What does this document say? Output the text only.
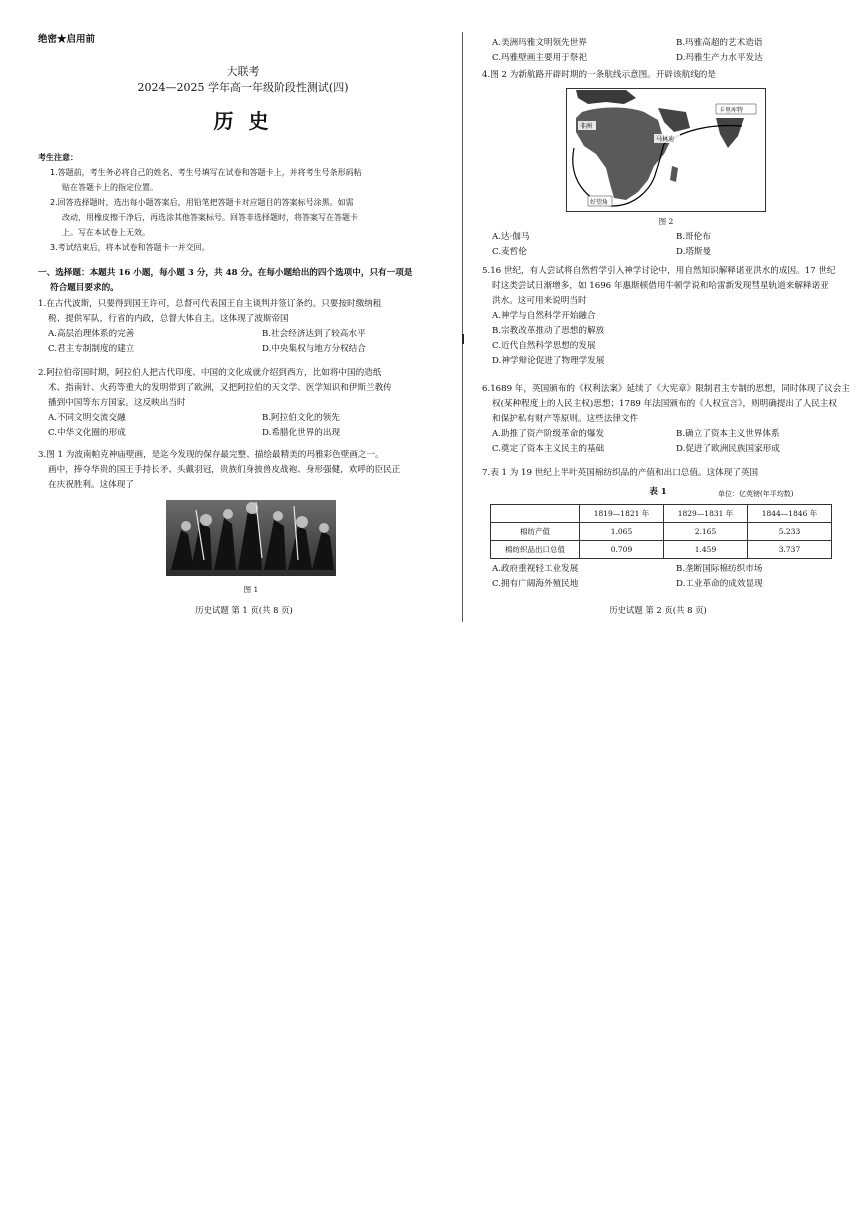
绝密★启用前
大联考
2024—2025 学年高一年级阶段性测试(四)
历 史
考生注意：
1.答题前，考生务必将自己的姓名、考生号填写在试卷和答题卡上，并将考生号条形码粘
贴在答题卡上的指定位置。
2.回答选择题时，选出每小题答案后，用铅笔把答题卡对应题目的答案标号涂黑。如需
改动，用橡皮擦干净后，再选涂其他答案标号。回答非选择题时，将答案写在答题卡
上。写在本试卷上无效。
3.考试结束后，将本试卷和答题卡一并交回。
一、选择题：本题共 16 小题，每小题 3 分，共 48 分。在每小题给出的四个选项中，只有一项是
符合题目要求的。
1.在古代波斯，只要得到国王许可，总督可代表国王自主谈判并签订条约。只要按时缴纳租
税、提供军队，行省的内政，总督大体自主。这体现了波斯帝国
A.高层治理体系的完善	B.社会经济达到了较高水平
C.君主专制制度的建立	D.中央集权与地方分权结合
2.阿拉伯帝国时期，阿拉伯人把古代印度、中国的文化成就介绍到西方，比如将中国的造纸
术、指南针、火药等重大的发明带到了欧洲，又把阿拉伯的天文学、医学知识和伊斯兰教传
播到中国等东方国家。这反映出当时
A.不同文明交流交融	B.阿拉伯文化的领先
C.中华文化圈的形成	D.希腊化世界的出现
3.图 1 为波南帕克神庙壁画，是迄今发现的保存最完整、描绘最精美的玛雅彩色壁画之一。
画中，捧夺华贵的国王手持长矛、头戴羽冠，贵族们身披兽皮战袍、身形强健，欢呼的臣民正
在庆祝胜利。这体现了
图 1
历史试题 第 1 页(共 8 页)
A.美洲玛雅文明领先世界	B.玛雅高超的艺术造诣
C.玛雅壁画主要用于祭祀	D.玛雅生产力水平发达
4.图 2 为新航路开辟时期的一条航线示意图。开辟该航线的是
非洲
马林迪
卡里库特
好望角
图 2
A.达·伽马	B.哥伦布
C.麦哲伦	D.塔斯曼
5.16 世纪，有人尝试将自然哲学引入神学讨论中，用自然知识解释诺亚洪水的成因。17 世纪
时这类尝试日渐增多，如 1696 年惠斯顿借用牛顿学说和哈雷新发现彗星轨道来解释诺亚
洪水。这可用来说明当时
A.神学与自然科学开始融合
B.宗教改革推动了思想的解放
C.近代自然科学思想的发展
D.神学辩论促进了物理学发展
6.1689 年，英国颁布的《权利法案》延续了《大宪章》限制君主专制的思想，同时体现了议会主
权(某种程度上的人民主权)思想；1789 年法国颁布的《人权宣言》，则明确提出了人民主权
和保护私有财产等原则。这些法律文件
A.助推了资产阶级革命的爆发	B.确立了资本主义世界体系
C.奠定了资本主义民主的基础	D.促进了欧洲民族国家形成
7.表 1 为 19 世纪上半叶英国棉纺织品的产值和出口总值。这体现了英国
表 1	单位：亿英镑(年平均数)
	1819—1821 年	1829—1831 年	1844—1846 年
棉纺产值	1.065	2.165	5.233
棉纺织品出口总值	0.709	1.459	3.737
A.政府重视轻工业发展	B.垄断国际棉纺织市场
C.拥有广阔海外殖民地	D.工业革命的成效显现
历史试题 第 2 页(共 8 页)
